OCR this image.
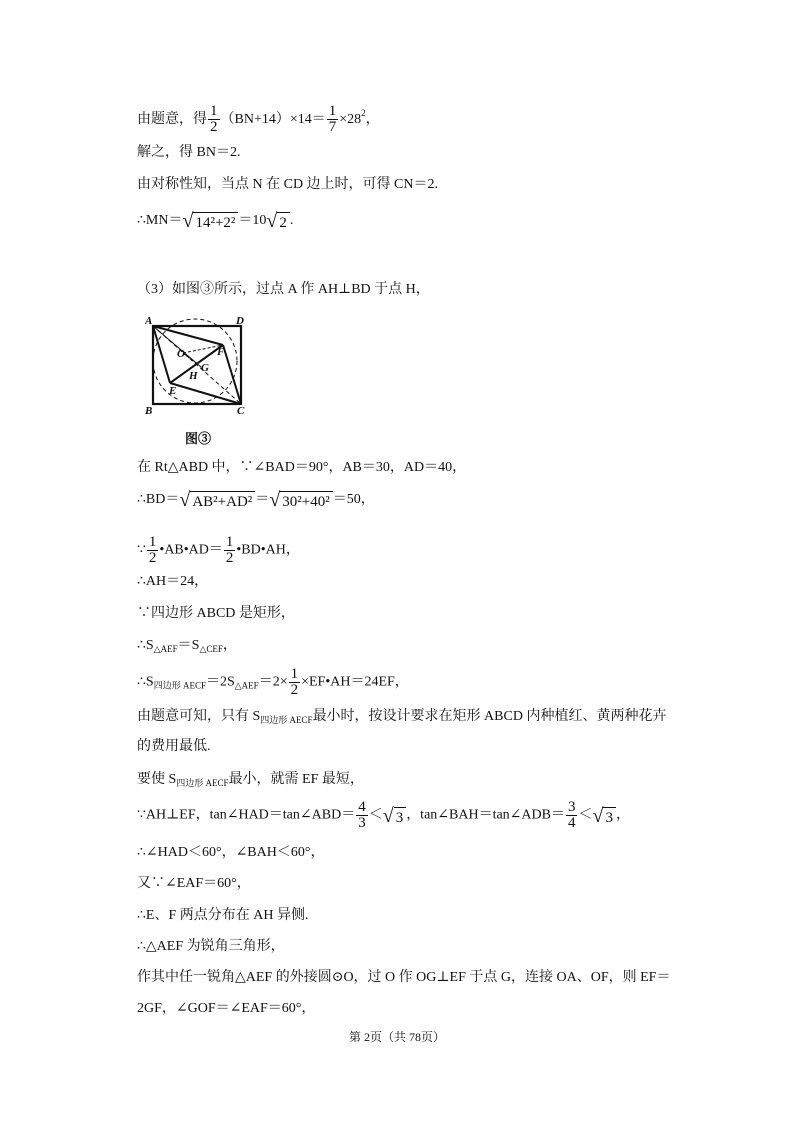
由题意，得 $\frac{1}{2} (BN+14)\times 14= \frac{1}{7} \times 28^2$，
解之，得 BN＝2.
由对称性知，当点 N 在 CD 边上时，可得 CN＝2.
∴MN＝ √ 14²+2² ＝10 √ 2 .
（3）如图③所示，过点 A 作 AH⊥BD 于点 H，
A	D
O	F
G
H
E
B	C
图③
在 Rt△ABD 中，∵∠BAD＝90°，AB＝30，AD＝40，
∴BD＝ √ AB²+AD² ＝ √ 30²+40² ＝50，
∵ $\frac{1}{2}$ •AB•AD＝ $\frac{1}{2}$ •BD•AH，
∴AH＝24，
∵四边形 ABCD 是矩形，
$\therefore S_{\triangle AEF}=S_{\triangle CEF}$，
$\therefore S_{四边形 AECF}=2S_{\triangle AEF}=2\times \frac{1}{2}$ ×EF•AH＝24EF，
由题意可知，只有 $S_{四边形 AECF}$最小时，按设计要求在矩形 ABCD 内种植红、黄两种花卉
的费用最低.
要使 $S_{四边形 AECF}$最小，就需 EF 最短，
∵AH⊥EF，tan∠HAD＝tan∠ABD＝ $\frac{4}{3}$ ＜ √ 3 ，tan∠BAH＝tan∠ADB＝ $\frac{3}{4}$ ＜ √ 3 ，
∴∠HAD＜60°，∠BAH＜60°，
又∵∠EAF＝60°，
∴E、F 两点分布在 AH 异侧.
∴△AEF 为锐角三角形，
作其中任一锐角△AEF 的外接圆⊙O，过 O 作 OG⊥EF 于点 G，连接 OA、OF，则 EF＝
2GF，∠GOF＝∠EAF＝60°，
第 2页（共 78页）
